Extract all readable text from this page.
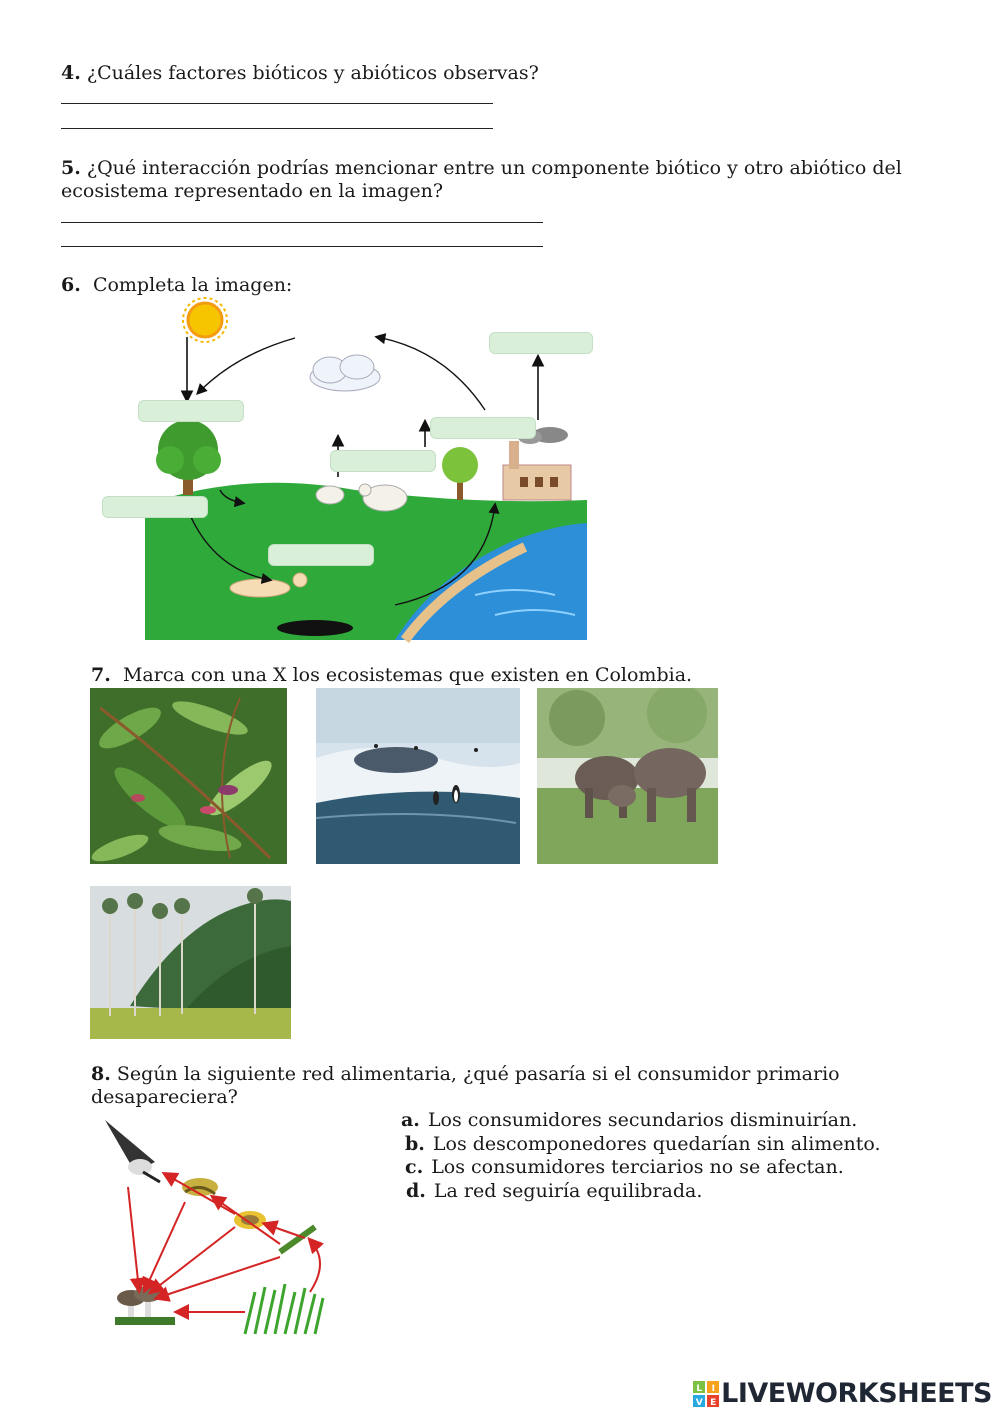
4. ¿Cuáles factores bióticos y abióticos observas?
5. ¿Qué interacción podrías mencionar entre un componente biótico y otro abiótico del
ecosistema representado en la imagen?
6. Completa la imagen:
7. Marca con una X los ecosistemas que existen en Colombia.
8. Según la siguiente red alimentaria, ¿qué pasaría si el consumidor primario
desapareciera?
a. Los consumidores secundarios disminuirían.
b. Los descomponedores quedarían sin alimento.
c. Los consumidores terciarios no se afectan.
d. La red seguiría equilibrada.
L I
V E LIVEWORKSHEETS
